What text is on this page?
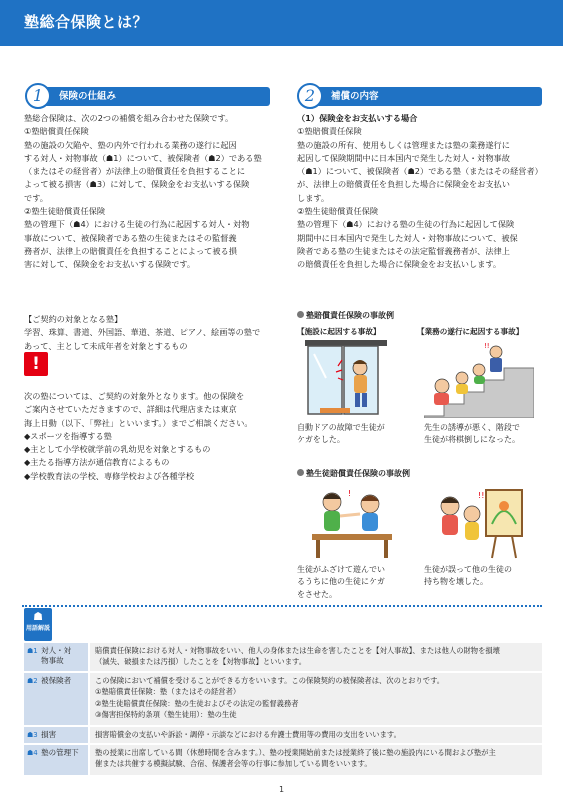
塾総合保険とは？
1	保険の仕組み
塾総合保険は、次の2つの補償を組み合わせた保険です。
①塾賠償責任保険
塾の施設の欠陥や、塾の内外で行われる業務の遂行に起因
する対人・対物事故（☗1）について、被保険者（☗2）である塾
（またはその経営者）が法律上の賠償責任を負担することに
よって被る損害（☗3）に対して、保険金をお支払いする保険
です。
②塾生徒賠償責任保険
塾の管理下（☗4）における生徒の行為に起因する対人・対物
事故について、被保険者である塾の生徒またはその監督義
務者が、法律上の賠償責任を負担することによって被る損
害に対して、保険金をお支払いする保険です。
【ご契約の対象となる塾】
学習、珠算、書道、外国語、華道、茶道、ピアノ、絵画等の塾で
あって、主として未成年者を対象とするもの
!
次の塾については、ご契約の対象外となります。他の保険を
ご案内させていただきますので、詳細は代理店または東京
海上日動（以下、「弊社」といいます。）までご相談ください。
◆スポーツを指導する塾
◆主として小学校就学前の乳幼児を対象とするもの
◆主たる指導方法が通信教育によるもの
◆学校教育法の学校、専修学校および各種学校
2	補償の内容
（1）保険金をお支払いする場合
①塾賠償責任保険
塾の施設の所有、使用もしくは管理または塾の業務遂行に
起因して保険期間中に日本国内で発生した対人・対物事故
（☗1）について、被保険者（☗2）である塾（またはその経営者）
が、法律上の賠償責任を負担した場合に保険金をお支払い
します。
②塾生徒賠償責任保険
塾の管理下（☗4）における塾の生徒の行為に起因して保険
期間中に日本国内で発生した対人・対物事故について、被保
険者である塾の生徒またはその法定監督義務者が、法律上
の賠償責任を負担した場合に保険金をお支払いします。
塾賠償責任保険の事故例
【施設に起因する事故】	【業務の遂行に起因する事故】
!!
自動ドアの故障で生徒が
ケガをした。
先生の誘導が悪く、階段で
生徒が将棋倒しになった。
塾生徒賠償責任保険の事故例
!	!!
生徒がふざけて遊んでい
るうちに他の生徒にケガ
をさせた。
生徒が誤って他の生徒の
持ち物を壊した。
☗
用語解説
☗1 対人・対物事故
賠償責任保険における対人・対物事故をいい、他人の身体または生命を害したことを【対人事故】、または他人の財物を損壊
（滅失、破損または汚損）したことを【対物事故】といいます。
☗2 被保険者	この保険において補償を受けることができる方をいいます。この保険契約の被保険者は、次のとおりです。
①塾賠償責任保険：塾（またはその経営者）
②塾生徒賠償責任保険：塾の生徒およびその法定の監督義務者
③傷害担保特約条項（塾生徒用）：塾の生徒
☗3 損害	損害賠償金の支払いや訴訟・調停・示談などにおける弁護士費用等の費用の支出をいいます。
☗4 塾の管理下	塾の授業に出席している間（休憩時間を含みます。）、塾の授業開始前または授業終了後に塾の施設内にいる間および塾が主
催または共催する模擬試験、合宿、保護者会等の行事に参加している間をいいます。
1
